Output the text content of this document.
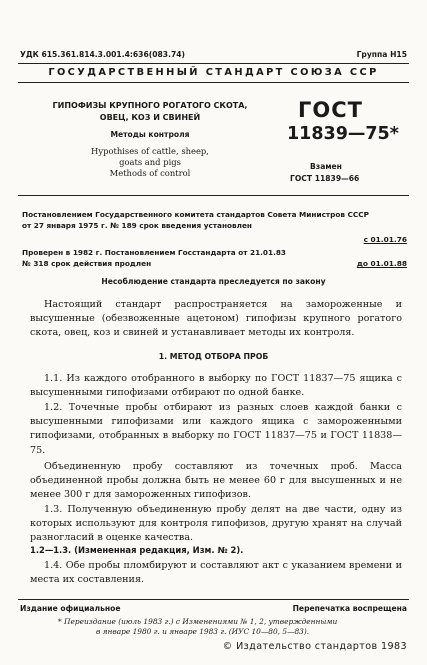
УДК 615.361.814.3.001.4:636(083.74)	Группа Н15
ГОСУДАРСТВЕННЫЙ СТАНДАРТ СОЮЗА ССР
ГИПОФИЗЫ КРУПНОГО РОГАТОГО СКОТА,
ОВЕЦ, КОЗ И СВИНЕЙ
Методы контроля
Hypothises of cattle, sheep,
goats and pigs
Methods of control
ГОСТ
11839—75*
Взамен
ГОСТ 11839—66
Постановлением Государственного комитета стандартов Совета Министров СССР
от 27 января 1975 г. № 189 срок введения установлен
с 01.01.76
Проверен в 1982 г. Постановлением Госстандарта от 21.01.83
№ 318 срок действия продлен	до 01.01.88
Несоблюдение стандарта преследуется по закону

Настоящий стандарт распространяется на замороженные и высушенные (обезвоженные ацетоном) гипофизы крупного рогатого скота, овец, коз и свиней и устанавливает методы их контроля.

1. МЕТОД ОТБОРА ПРОБ

1.1. Из каждого отобранного в выборку по ГОСТ 11837—75 ящика с высушенными гипофизами отбирают по одной банке.

1.2. Точечные пробы отбирают из разных слоев каждой банки с высушенными гипофизами или каждого ящика с замороженными гипофизами, отобранных в выборку по ГОСТ 11837—75 и ГОСТ 11838—75.

Объединенную пробу составляют из точечных проб. Масса объединенной пробы должна быть не менее 60 г для высушенных и не менее 300 г для замороженных гипофизов.

1.3. Полученную объединенную пробу делят на две части, одну из которых используют для контроля гипофизов, другую хранят на случай разногласий в оценке качества.

1.2—1.3. (Измененная редакция, Изм. № 2).

1.4. Обе пробы пломбируют и составляют акт с указанием времени и места их составления.

Издание официальное	Перепечатка воспрещена
* Переиздание (июль 1983 г.) с Изменениями № 1, 2, утвержденными
в январе 1980 г. и январе 1983 г. (ИУС 10—80, 5—83).
© Издательство стандартов 1983
